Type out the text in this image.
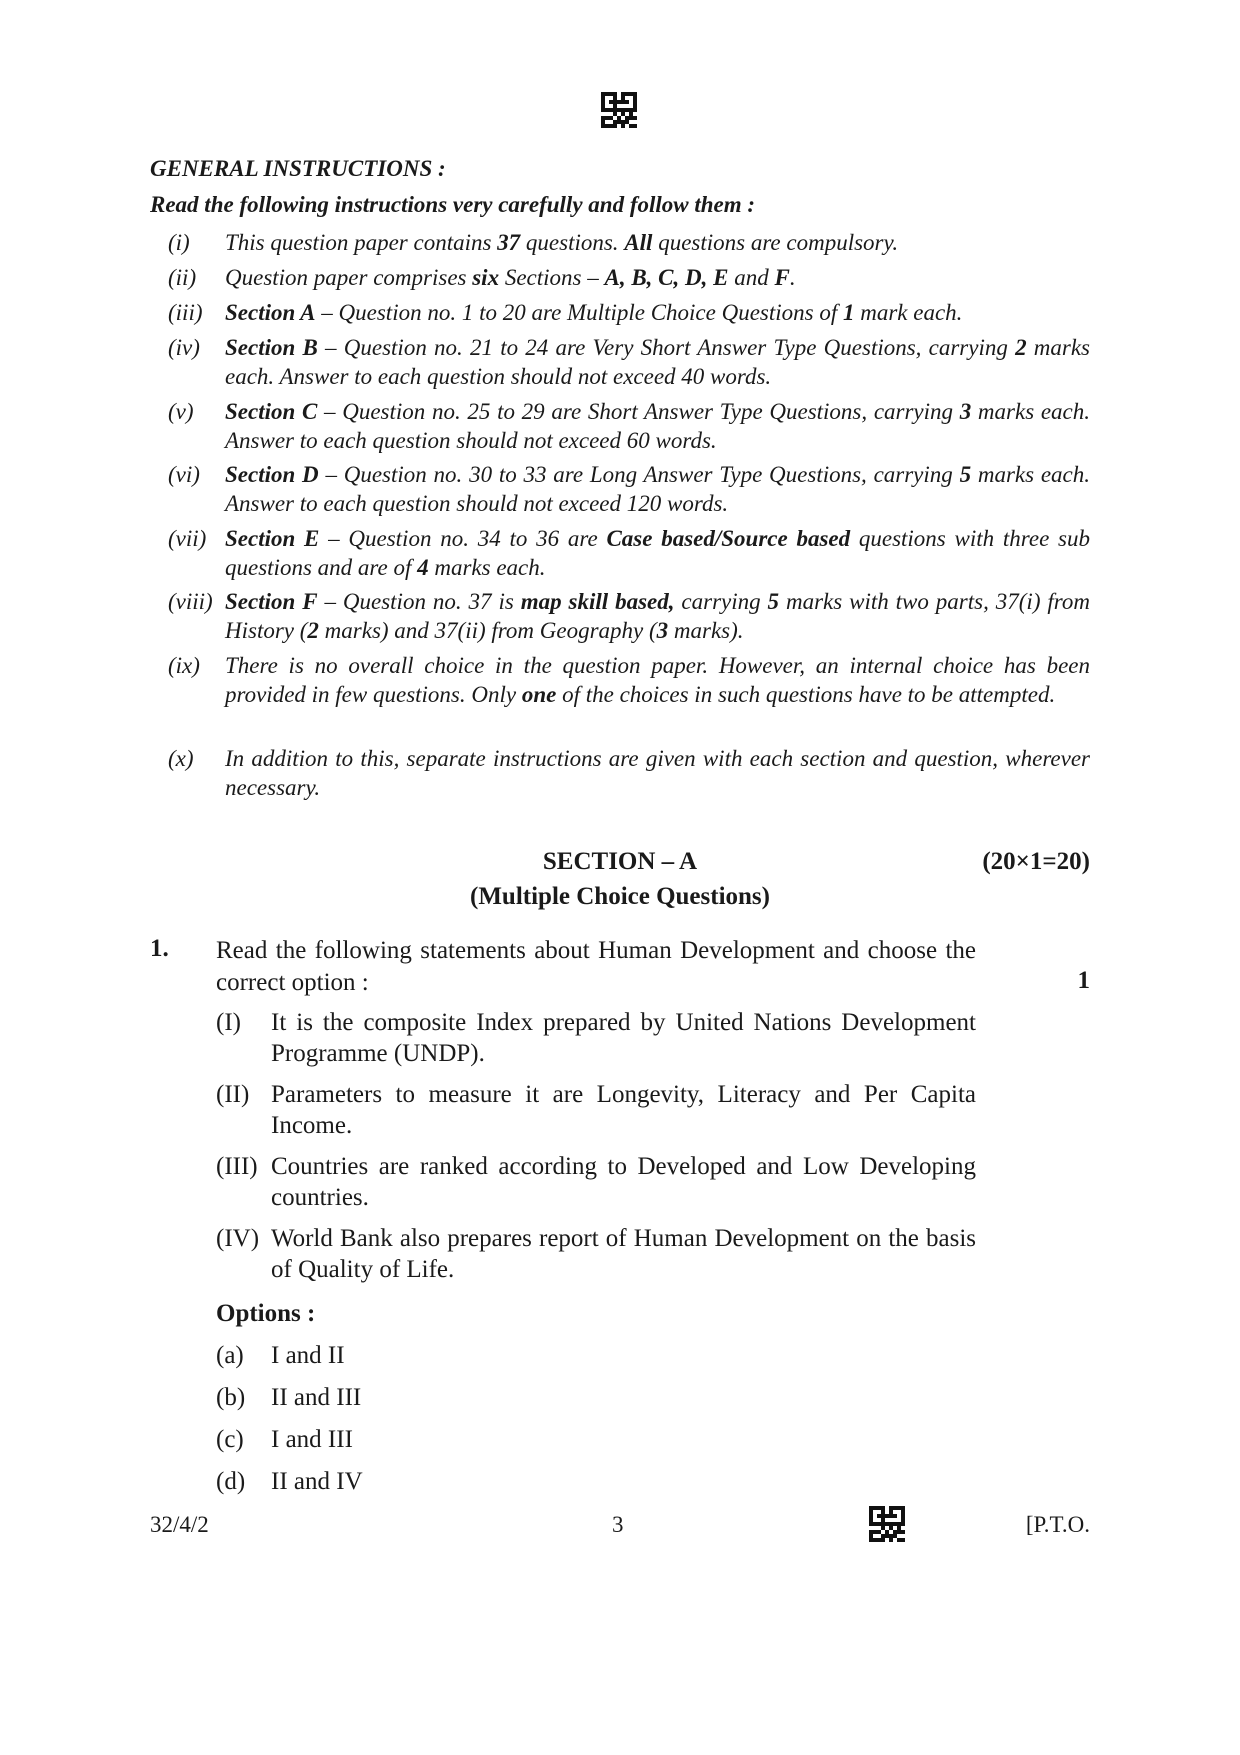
GENERAL INSTRUCTIONS :
Read the following instructions very carefully and follow them :
(i) This question paper contains 37 questions. All questions are compulsory.
(ii) Question paper comprises six Sections – A, B, C, D, E and F.
(iii) Section A – Question no. 1 to 20 are Multiple Choice Questions of 1 mark each.
(iv) Section B – Question no. 21 to 24 are Very Short Answer Type Questions, carrying 2 marks each. Answer to each question should not exceed 40 words.
(v) Section C – Question no. 25 to 29 are Short Answer Type Questions, carrying 3 marks each. Answer to each question should not exceed 60 words.
(vi) Section D – Question no. 30 to 33 are Long Answer Type Questions, carrying 5 marks each. Answer to each question should not exceed 120 words.
(vii) Section E – Question no. 34 to 36 are Case based/Source based questions with three sub questions and are of 4 marks each.
(viii) Section F – Question no. 37 is map skill based, carrying 5 marks with two parts, 37(i) from History (2 marks) and 37(ii) from Geography (3 marks).
(ix) There is no overall choice in the question paper. However, an internal choice has been provided in few questions. Only one of the choices in such questions have to be attempted.
(x) In addition to this, separate instructions are given with each section and question, wherever necessary.
SECTION – A	(20×1=20)
(Multiple Choice Questions)
1. Read the following statements about Human Development and choose the correct option :	1
(I) It is the composite Index prepared by United Nations Development Programme (UNDP).
(II) Parameters to measure it are Longevity, Literacy and Per Capita Income.
(III) Countries are ranked according to Developed and Low Developing countries.
(IV) World Bank also prepares report of Human Development on the basis of Quality of Life.
Options :
(a) I and II
(b) II and III
(c) I and III
(d) II and IV
32/4/2	3	[P.T.O.
